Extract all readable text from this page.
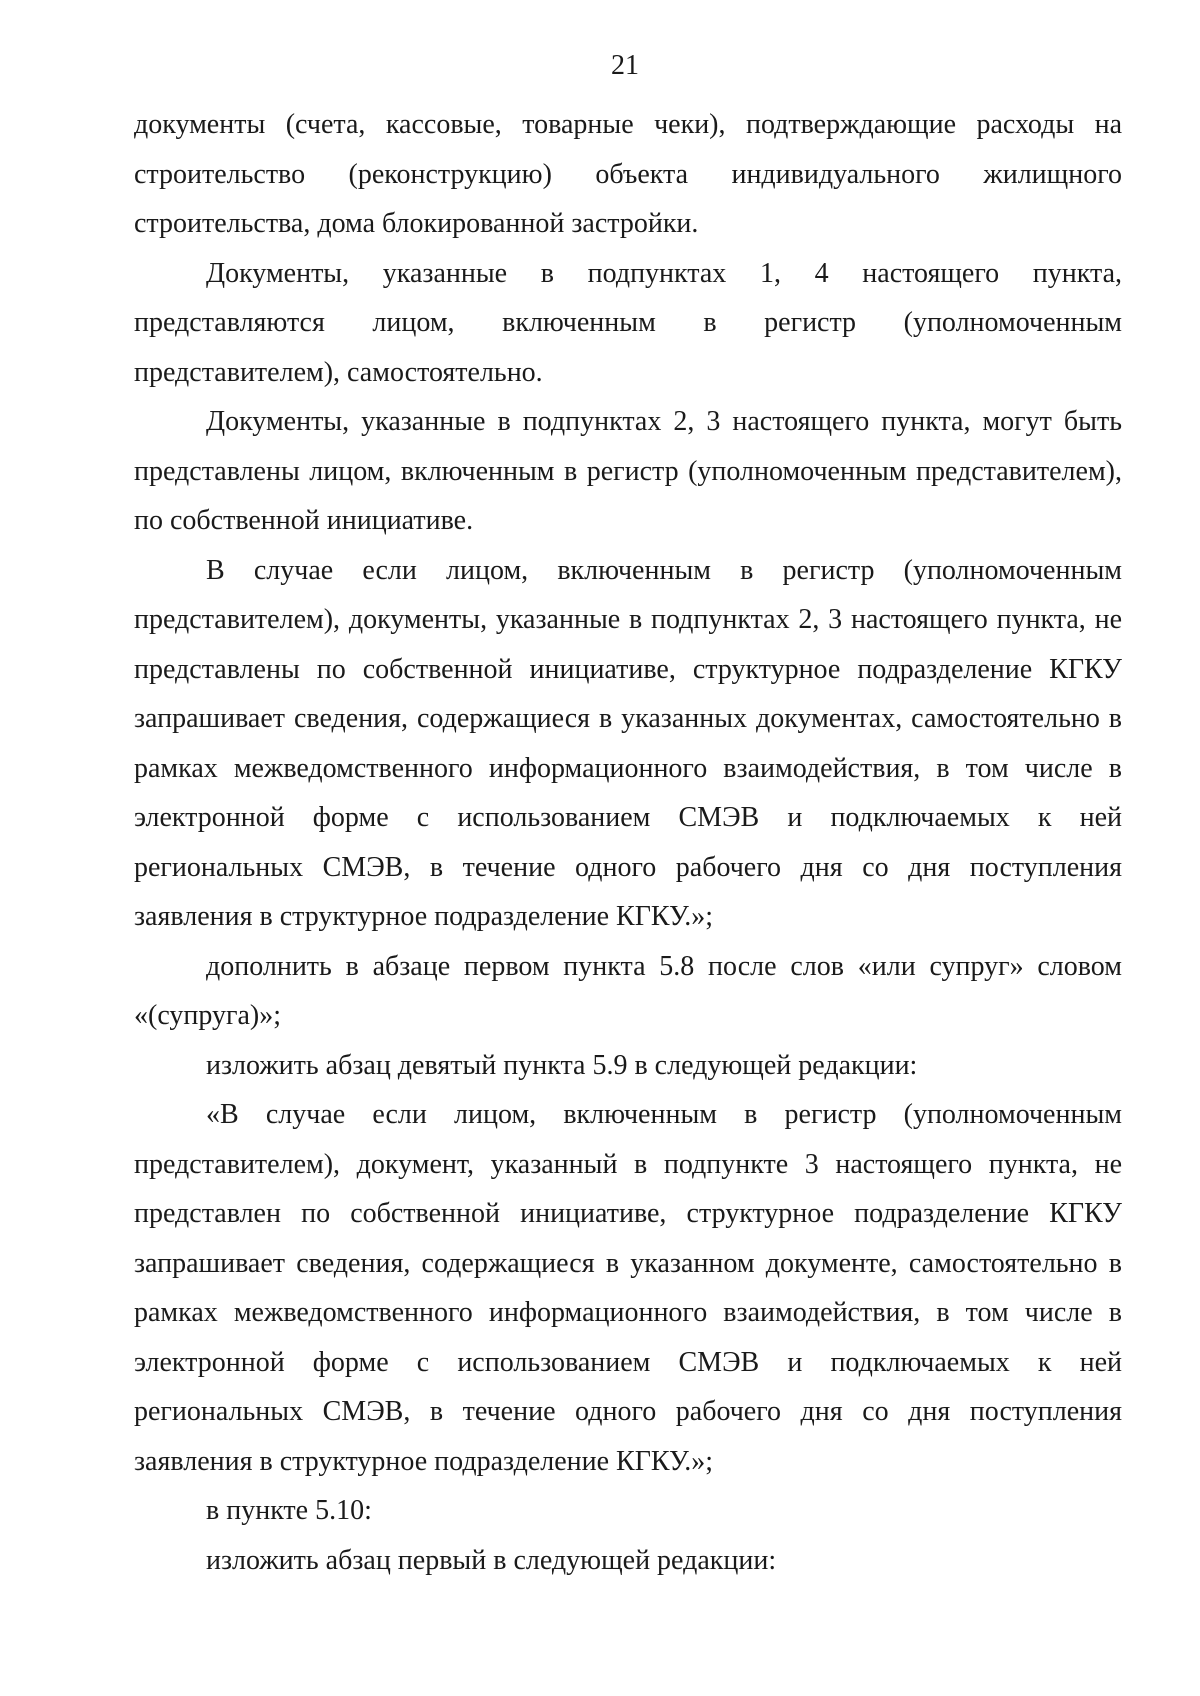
21

документы (счета, кассовые, товарные чеки), подтверждающие расходы на строительство (реконструкцию) объекта индивидуального жилищного строительства, дома блокированной застройки.

Документы, указанные в подпунктах 1, 4 настоящего пункта, представляются лицом, включенным в регистр (уполномоченным представителем), самостоятельно.

Документы, указанные в подпунктах 2, 3 настоящего пункта, могут быть представлены лицом, включенным в регистр (уполномоченным представителем), по собственной инициативе.

В случае если лицом, включенным в регистр (уполномоченным представителем), документы, указанные в подпунктах 2, 3 настоящего пункта, не представлены по собственной инициативе, структурное подразделение КГКУ запрашивает сведения, содержащиеся в указанных документах, самостоятельно в рамках межведомственного информационного взаимодействия, в том числе в электронной форме с использованием СМЭВ и подключаемых к ней региональных СМЭВ, в течение одного рабочего дня со дня поступления заявления в структурное подразделение КГКУ.»;

дополнить в абзаце первом пункта 5.8 после слов «или супруг» словом «(супруга)»;

изложить абзац девятый пункта 5.9 в следующей редакции:

«В случае если лицом, включенным в регистр (уполномоченным представителем), документ, указанный в подпункте 3 настоящего пункта, не представлен по собственной инициативе, структурное подразделение КГКУ запрашивает сведения, содержащиеся в указанном документе, самостоятельно в рамках межведомственного информационного взаимодействия, в том числе в электронной форме с использованием СМЭВ и подключаемых к ней региональных СМЭВ, в течение одного рабочего дня со дня поступления заявления в структурное подразделение КГКУ.»;

в пункте 5.10:

изложить абзац первый в следующей редакции:
